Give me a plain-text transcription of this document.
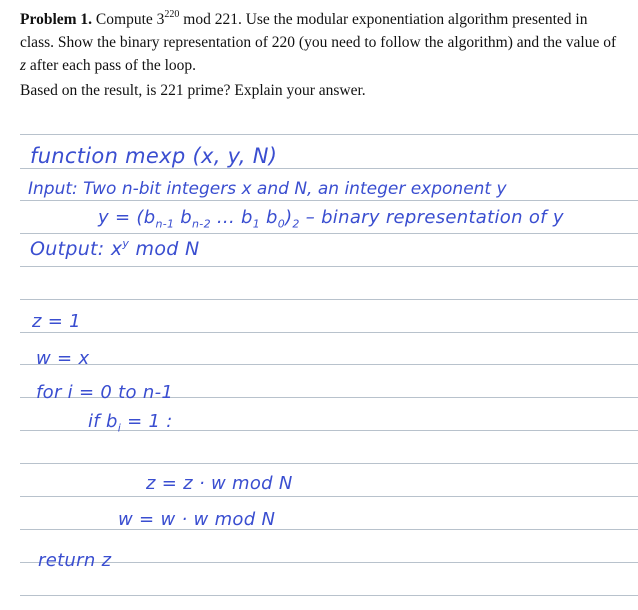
Problem 1. Compute $3^{220}$ mod 221. Use the modular exponentiation algorithm presented in class. Show the binary representation of 220 (you need to follow the algorithm) and the value of z after each pass of the loop.

Based on the result, is 221 prime? Explain your answer.

function mexp (x, y, N)
Input: Two n-bit integers x and N, an integer exponent y
$y = (b_{n-1}$ $b_{n-2}$ ... $b_1$ $b_0)_2$ – binary representation of y
Output: $x^y$ mod N
z = 1
w = x
for i = 0 to n-1
if $b_i = 1$ :
z = z · w mod N
w = w · w mod N
return z
